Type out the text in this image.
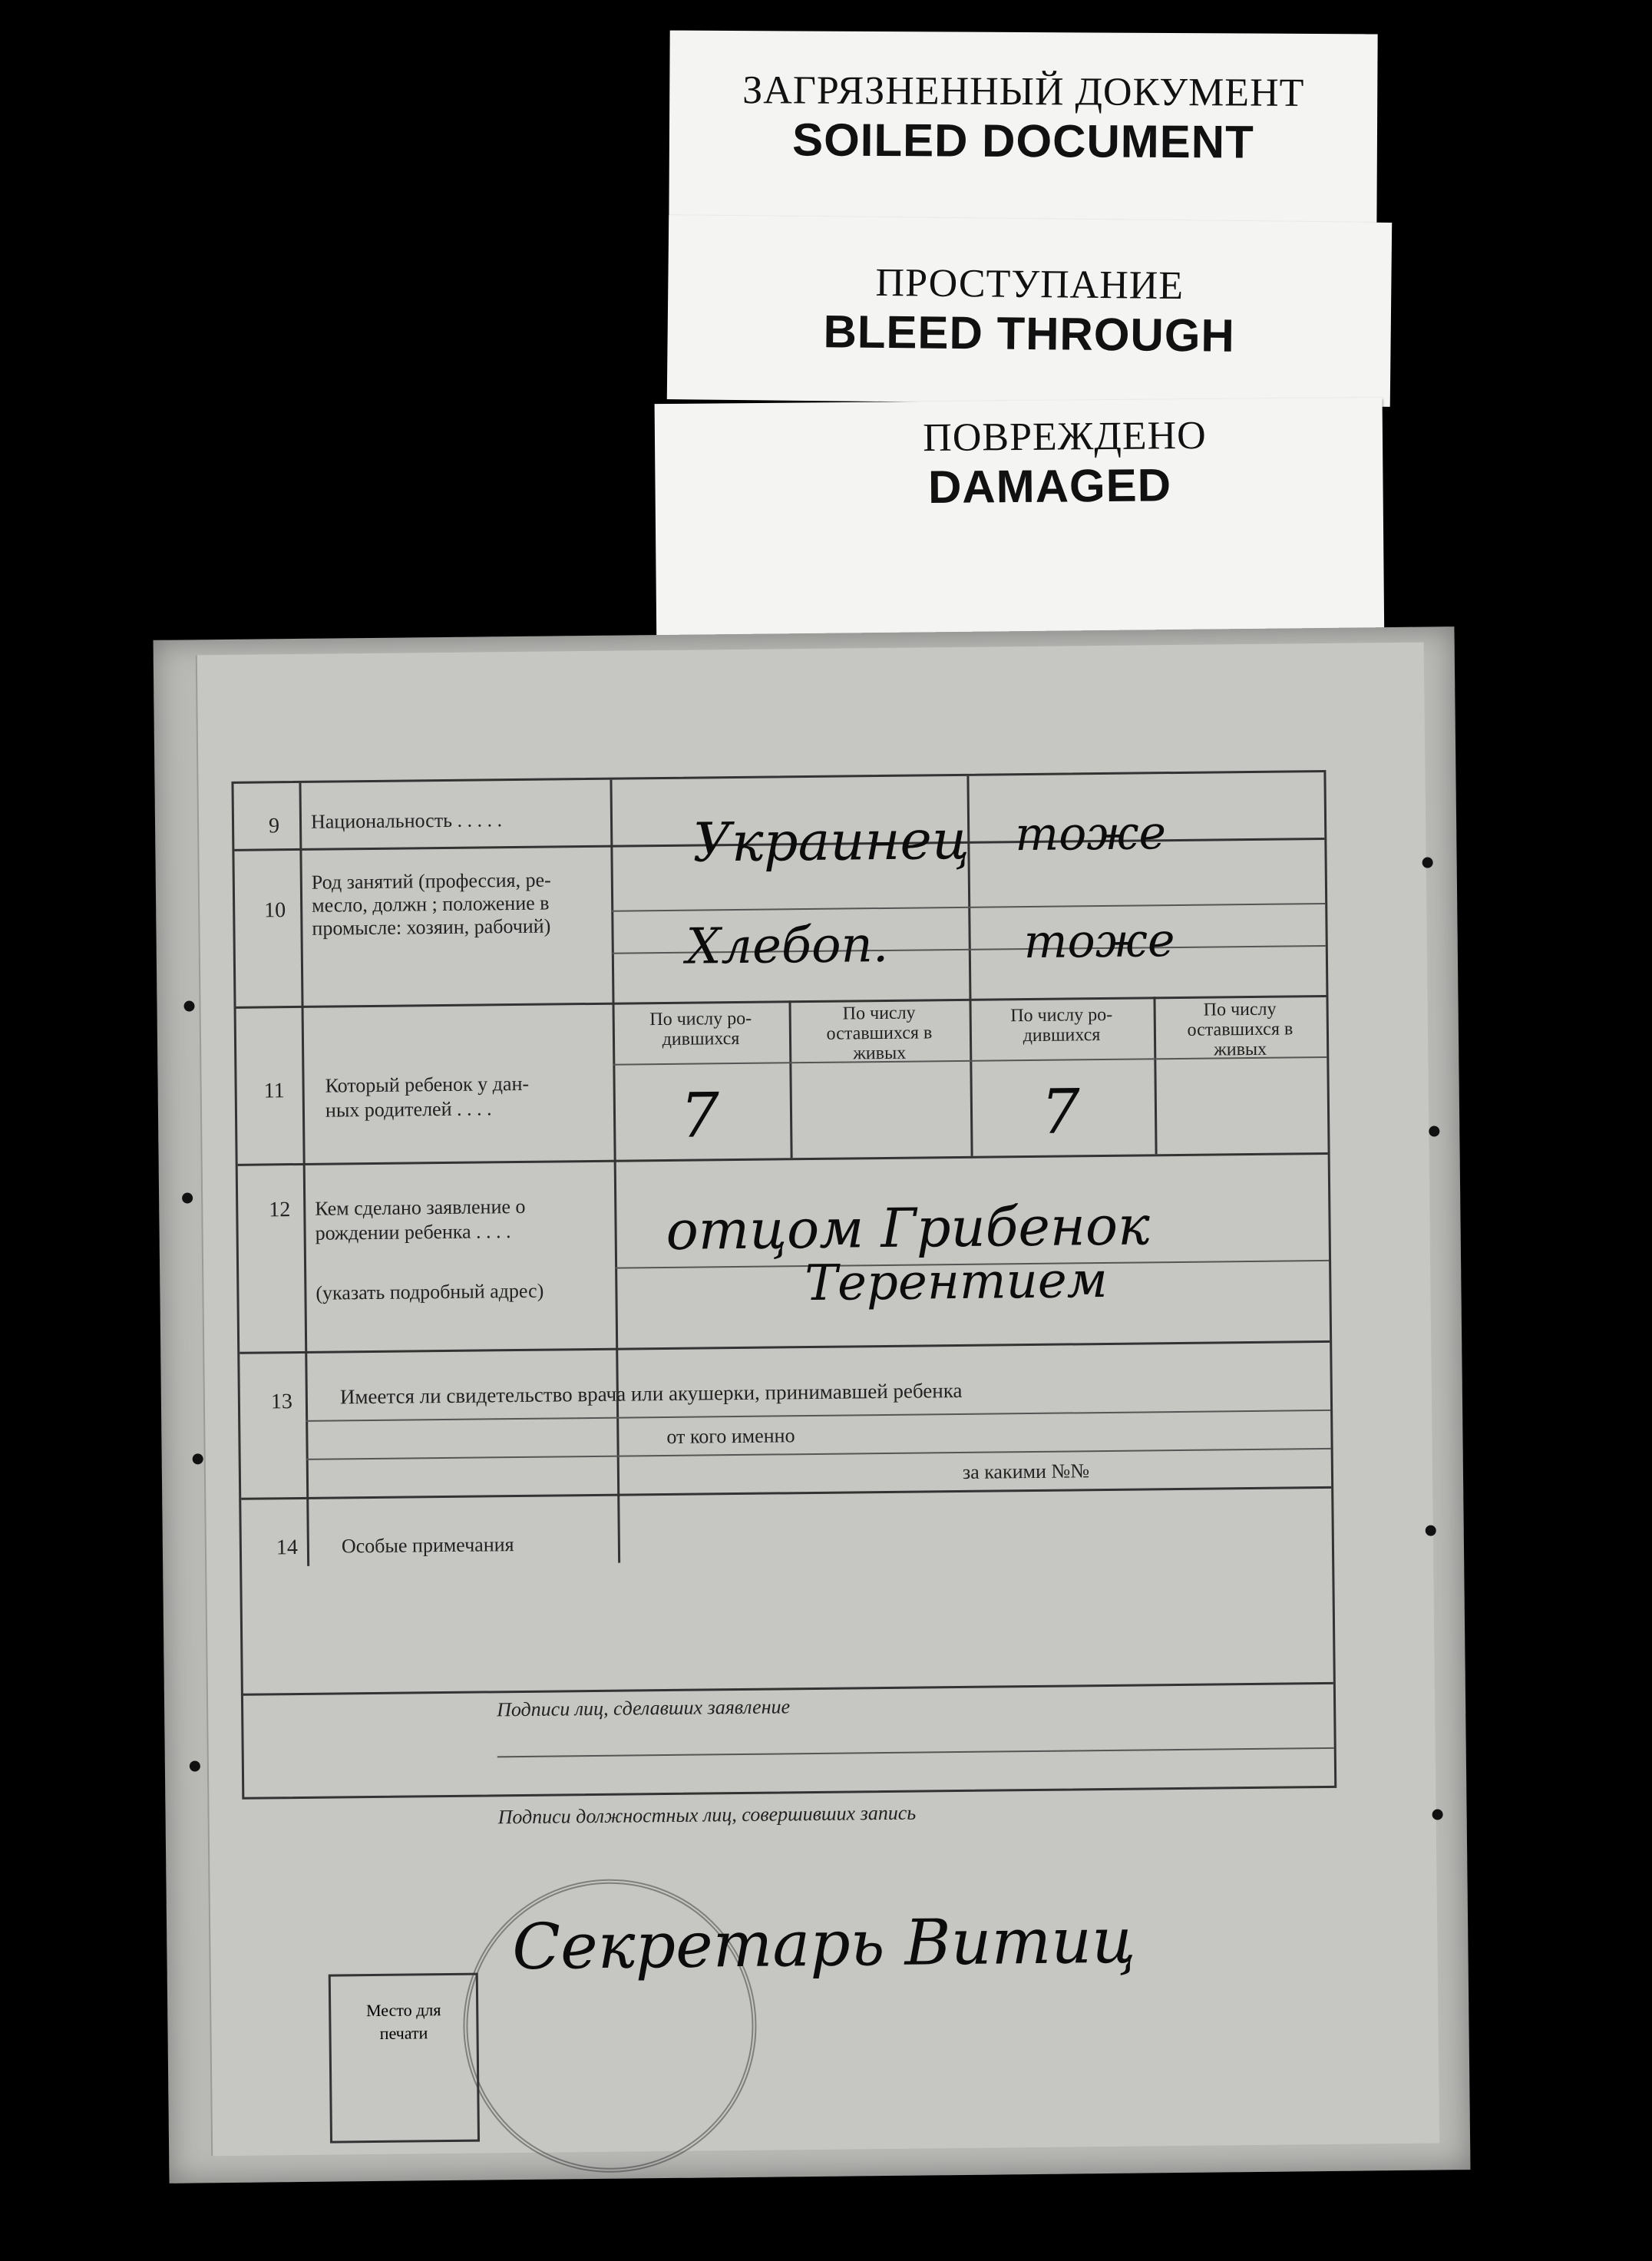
ЗАГРЯЗНЕННЫЙ ДОКУМЕНТ
SOILED DOCUMENT
ПРОСТУПАНИЕ
BLEED THROUGH
ПОВРЕЖДЕНО
DAMAGED
9 Национальность . . . . .
10
Род занятий (профессия, ре-
месло, должн ; положение в
промысле: хозяин, рабочий)
11 Который ребенок у дан-
ных родителей . . . .
По числу ро-
дившихся
По числу
оставшихся в
живых
По числу ро-
дившихся
По числу
оставшихся в
живых
12 Кем сделано заявление о
рождении ребенка . . . .
(указать подробный адрес)
13 Имеется ли свидетельство врача или акушерки, принимавшей ребенка
от кого именно
за какими №№
14 Особые примечания
Подписи лиц, сделавших заявление
Подписи должностных лиц, совершивших запись
Место для
печати
Украинец тоже
Хлебоп.	тоже
7	7
отцом Грибенок
Терентием
Секретарь Витиц
